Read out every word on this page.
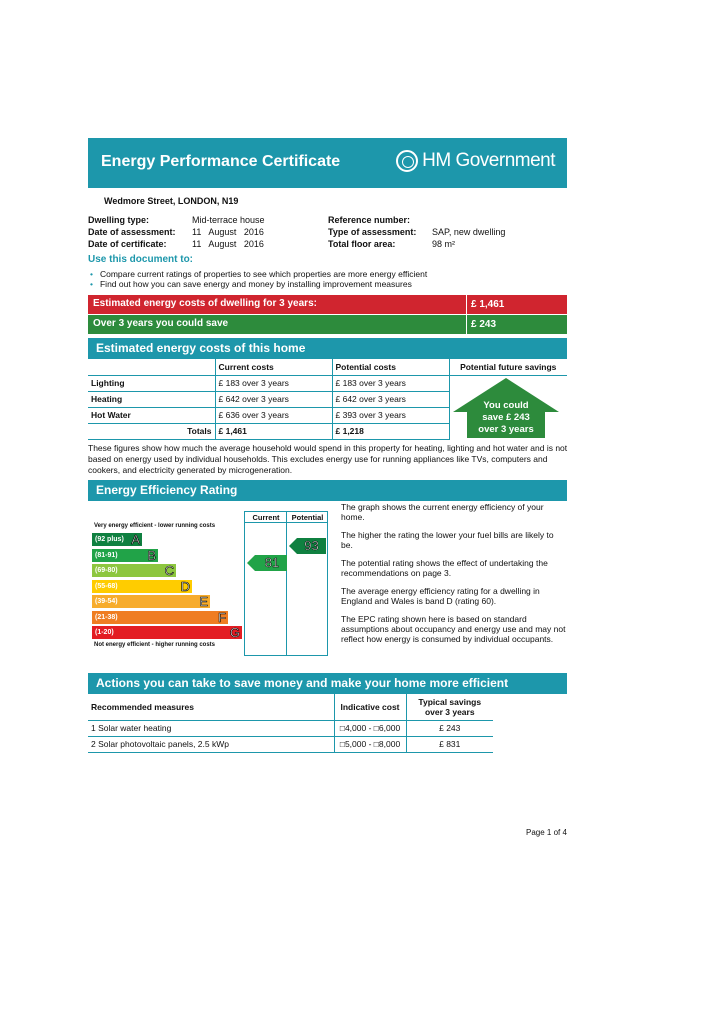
Energy Performance Certificate	HM Government
Wedmore Street, LONDON, N19
Dwelling type:	Mid-terrace house
Date of assessment: 11   August   2016
Date of certificate:	11   August   2016
Reference number:
Type of assessment: SAP, new dwelling
Total floor area:	98 m²
Use this document to:
• Compare current ratings of properties to see which properties are more energy efficient
• Find out how you can save energy and money by installing improvement measures
Estimated energy costs of dwelling for 3 years:	£ 1,461
Over 3 years you could save	£ 243
Estimated energy costs of this home
	Current costs	Potential costs	Potential future savings
Lighting	£ 183 over 3 years	£ 183 over 3 years	
Heating	£ 642 over 3 years	£ 642 over 3 years	
Hot Water	£ 636 over 3 years	£ 393 over 3 years	
Totals	£ 1,461	£ 1,218	
You could
save £ 243
over 3 years
These figures show how much the average household would spend in this property for heating, lighting and hot water and is not based on energy used by individual households. This excludes energy use for running appliances like TVs, computers and cookers, and electricity generated by microgeneration.
Energy Efficiency Rating
Current	Potential
Very energy efficient - lower running costs
(92 plus) A
(81-91) B
(69-80)	C
(55-68)	D
(39-54)	E
(21-38)	F
(1-20)	G
Not energy efficient - higher running costs
81
93

The graph shows the current energy efficiency of your home.

The higher the rating the lower your fuel bills are likely to be.

The potential rating shows the effect of undertaking the recommendations on page 3.

The average energy efficiency rating for a dwelling in England and Wales is band D (rating 60).

The EPC rating shown here is based on standard assumptions about occupancy and energy use and may not reflect how energy is consumed by individual occupants.

Actions you can take to save money and make your home more efficient
Recommended measures	Indicative cost	Typical savings over 3 years
1 Solar water heating	□4,000 - □6,000	£ 243
2 Solar photovoltaic panels, 2.5 kWp	□5,000 - □8,000	£ 831
Page 1 of 4
